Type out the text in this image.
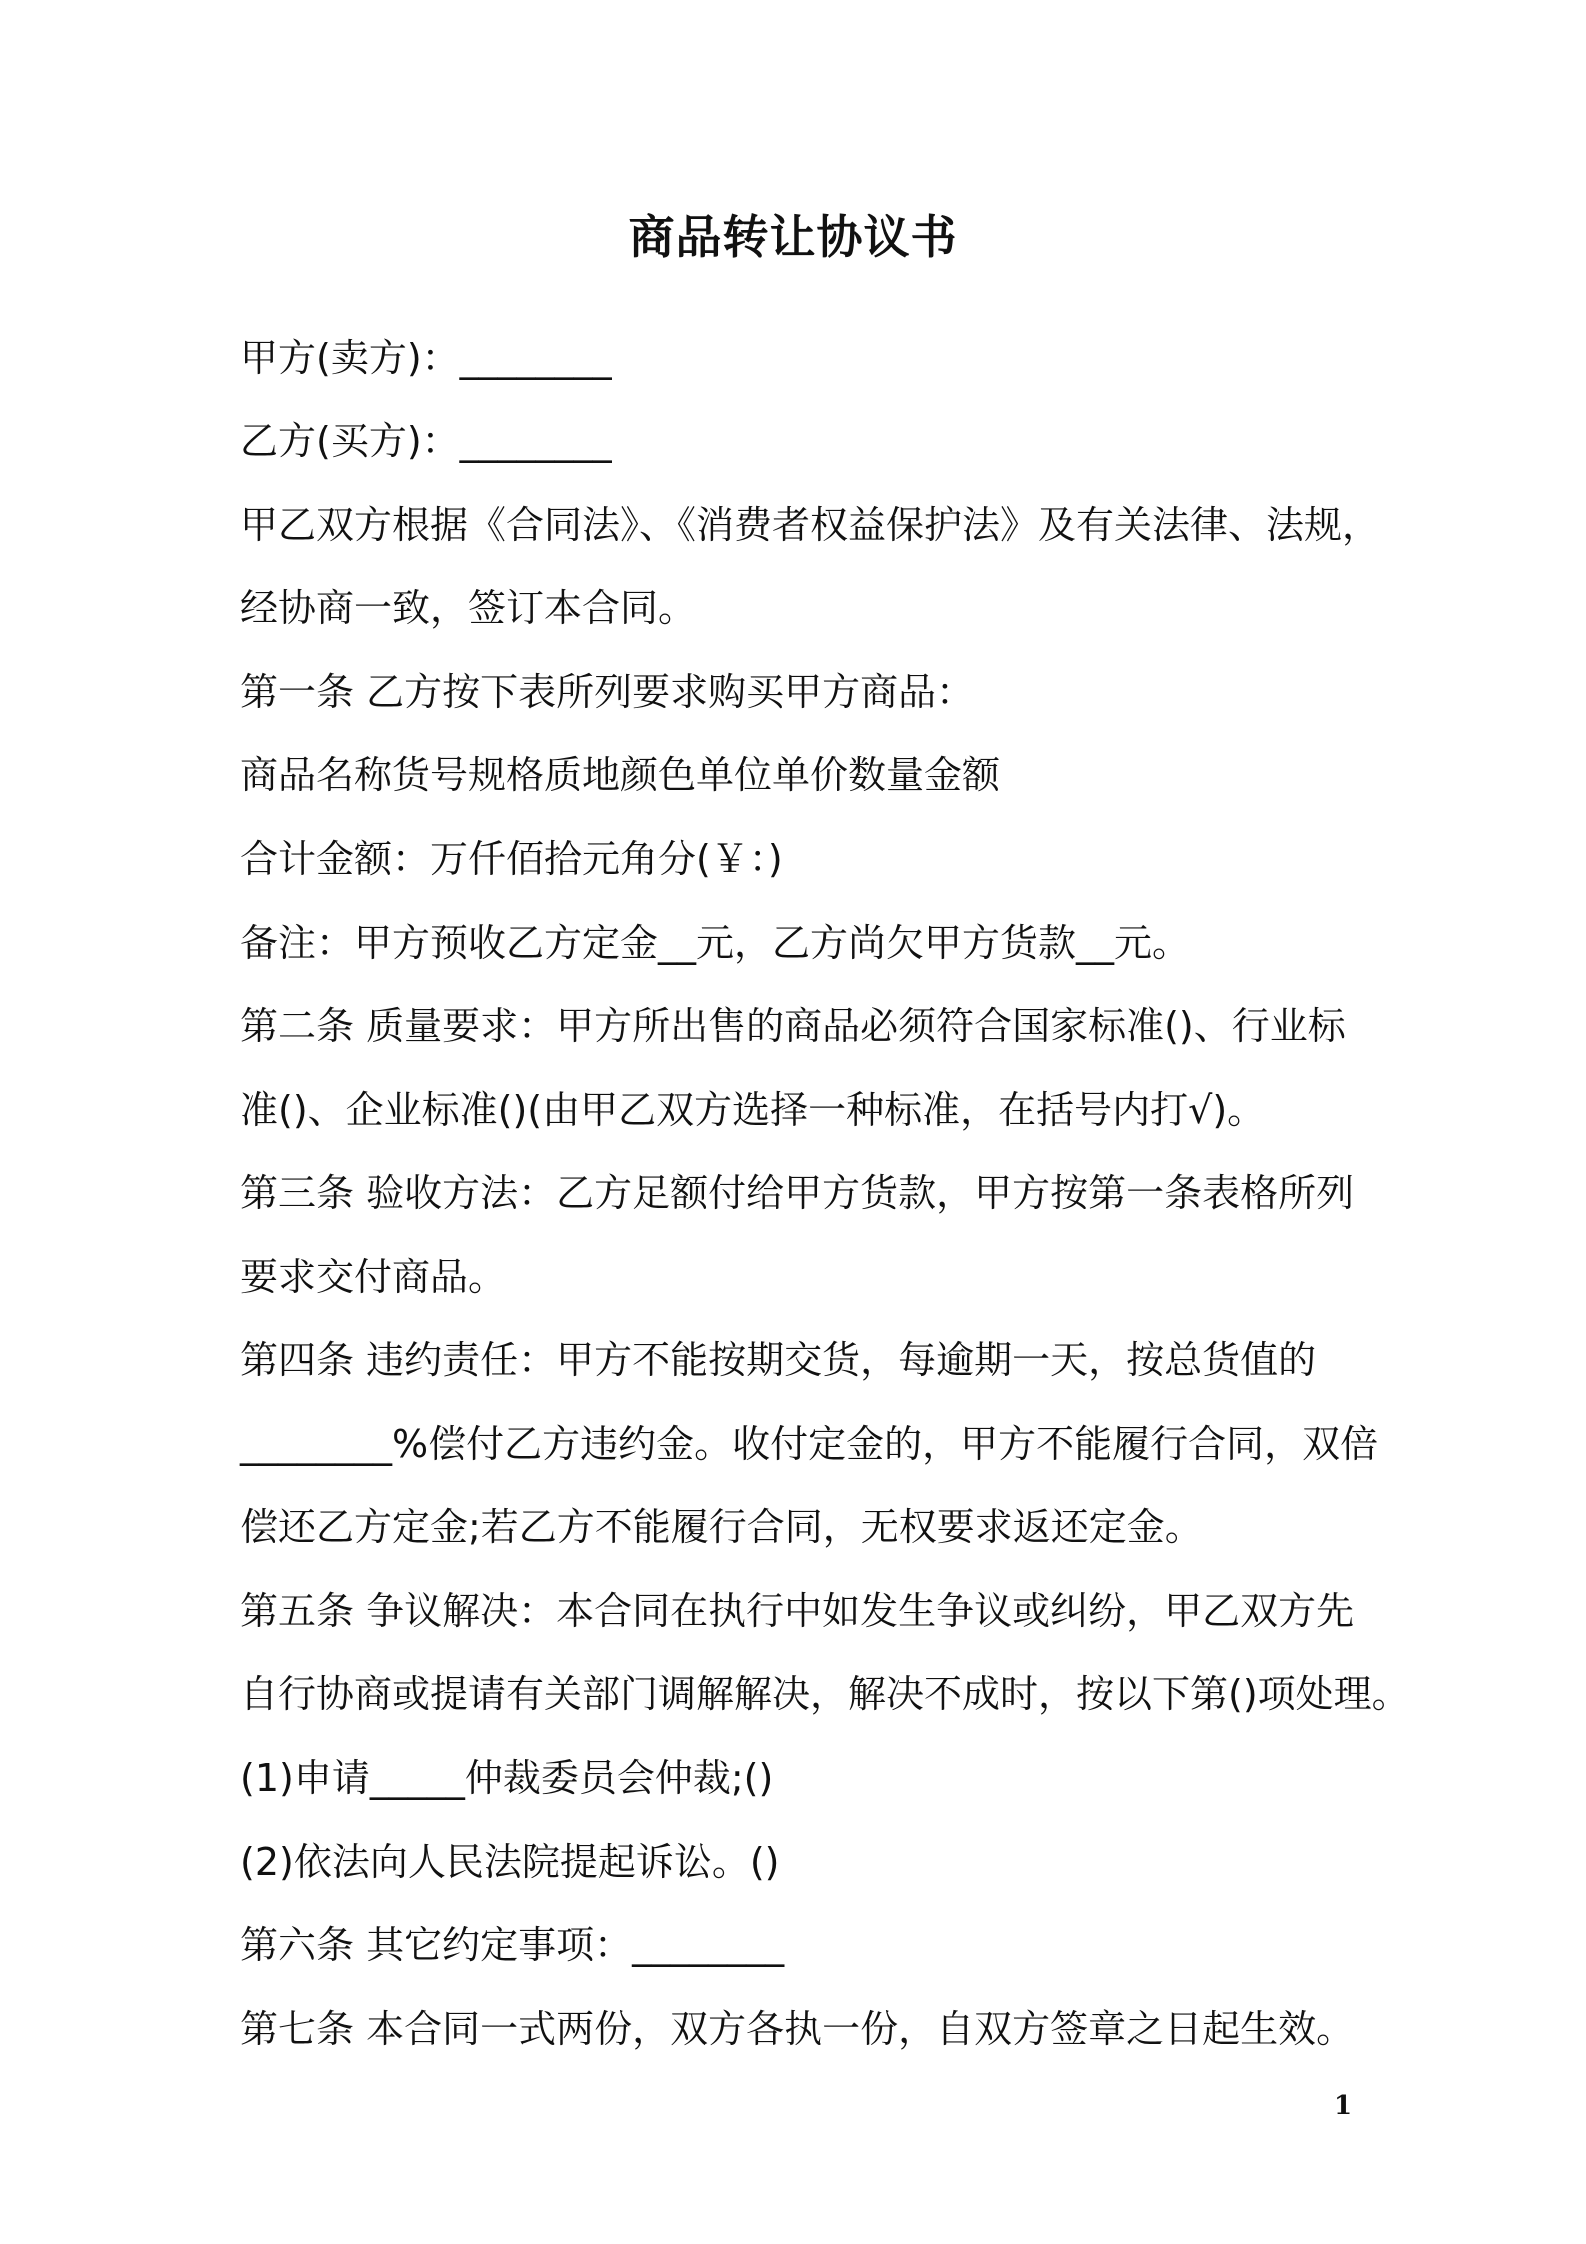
商品转让协议书
甲方(卖方)：________
乙方(买方)：________
甲乙双方根据《合同法》、《消费者权益保护法》及有关法律、法规，
经协商一致，签订本合同。
第一条 乙方按下表所列要求购买甲方商品：
商品名称货号规格质地颜色单位单价数量金额
合计金额：万仟佰拾元角分(￥：)
备注：甲方预收乙方定金__元，乙方尚欠甲方货款__元。
第二条 质量要求：甲方所出售的商品必须符合国家标准()、行业标
准()、企业标准()(由甲乙双方选择一种标准，在括号内打√)。
第三条 验收方法：乙方足额付给甲方货款，甲方按第一条表格所列
要求交付商品。
第四条 违约责任：甲方不能按期交货，每逾期一天，按总货值的
________%偿付乙方违约金。收付定金的，甲方不能履行合同，双倍
偿还乙方定金;若乙方不能履行合同，无权要求返还定金。
第五条 争议解决：本合同在执行中如发生争议或纠纷，甲乙双方先
自行协商或提请有关部门调解解决，解决不成时，按以下第()项处理。
(1)申请_____仲裁委员会仲裁;()
(2)依法向人民法院提起诉讼。()
第六条 其它约定事项：________
第七条 本合同一式两份，双方各执一份，自双方签章之日起生效。
1
